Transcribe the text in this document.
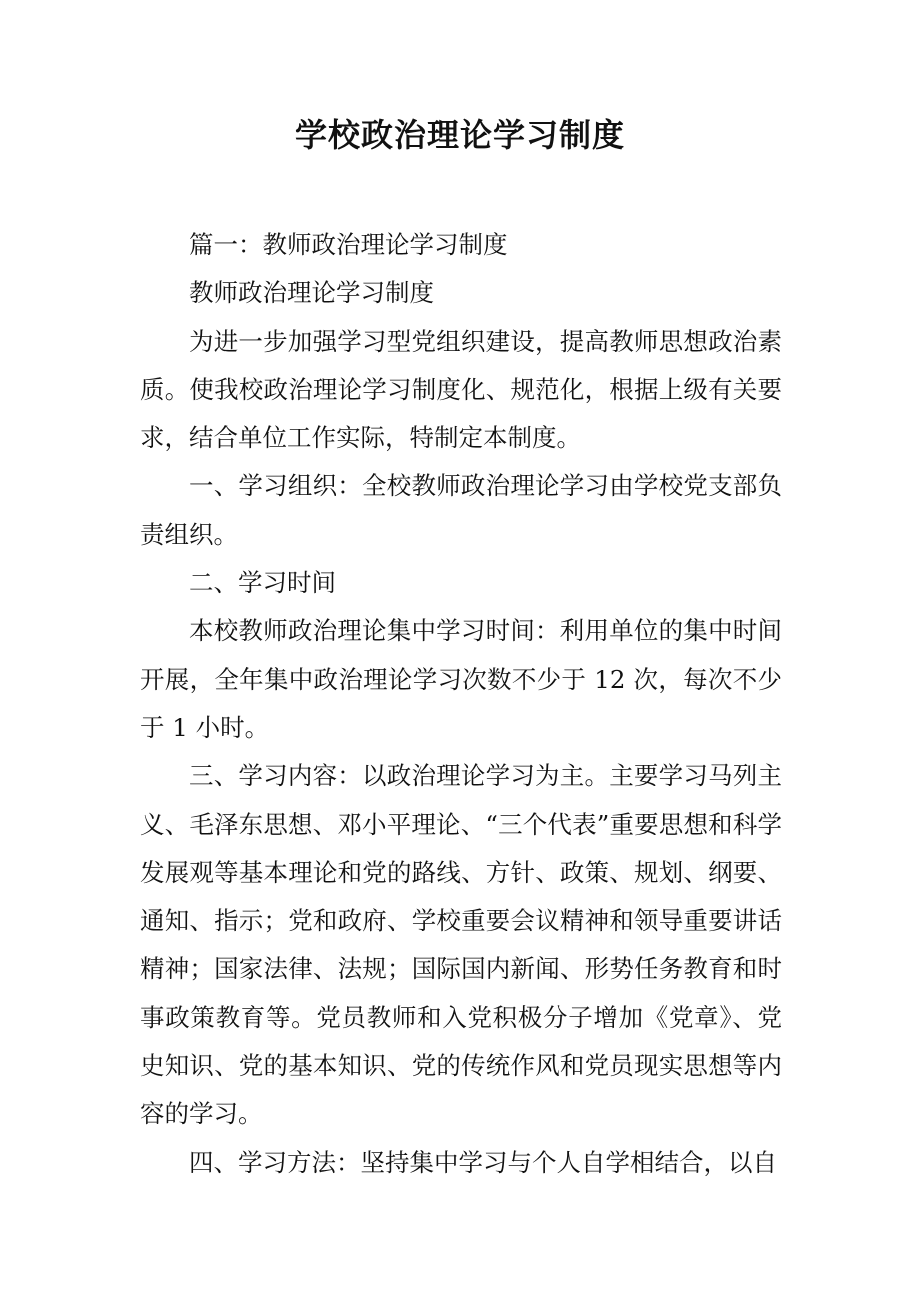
学校政治理论学习制度

篇一：教师政治理论学习制度

教师政治理论学习制度

为进一步加强学习型党组织建设，提高教师思想政治素质。使我校政治理论学习制度化、规范化，根据上级有关要求，结合单位工作实际，特制定本制度。

一、学习组织：全校教师政治理论学习由学校党支部负责组织。

二、学习时间

本校教师政治理论集中学习时间：利用单位的集中时间开展，全年集中政治理论学习次数不少于 12 次，每次不少于 1 小时。

三、学习内容：以政治理论学习为主。主要学习马列主义、毛泽东思想、邓小平理论、“三个代表”重要思想和科学发展观等基本理论和党的路线、方针、政策、规划、纲要、通知、指示；党和政府、学校重要会议精神和领导重要讲话精神；国家法律、法规；国际国内新闻、形势任务教育和时事政策教育等。党员教师和入党积极分子增加《党章》、党史知识、党的基本知识、党的传统作风和党员现实思想等内容的学习。

四、学习方法：坚持集中学习与个人自学相结合，以自
